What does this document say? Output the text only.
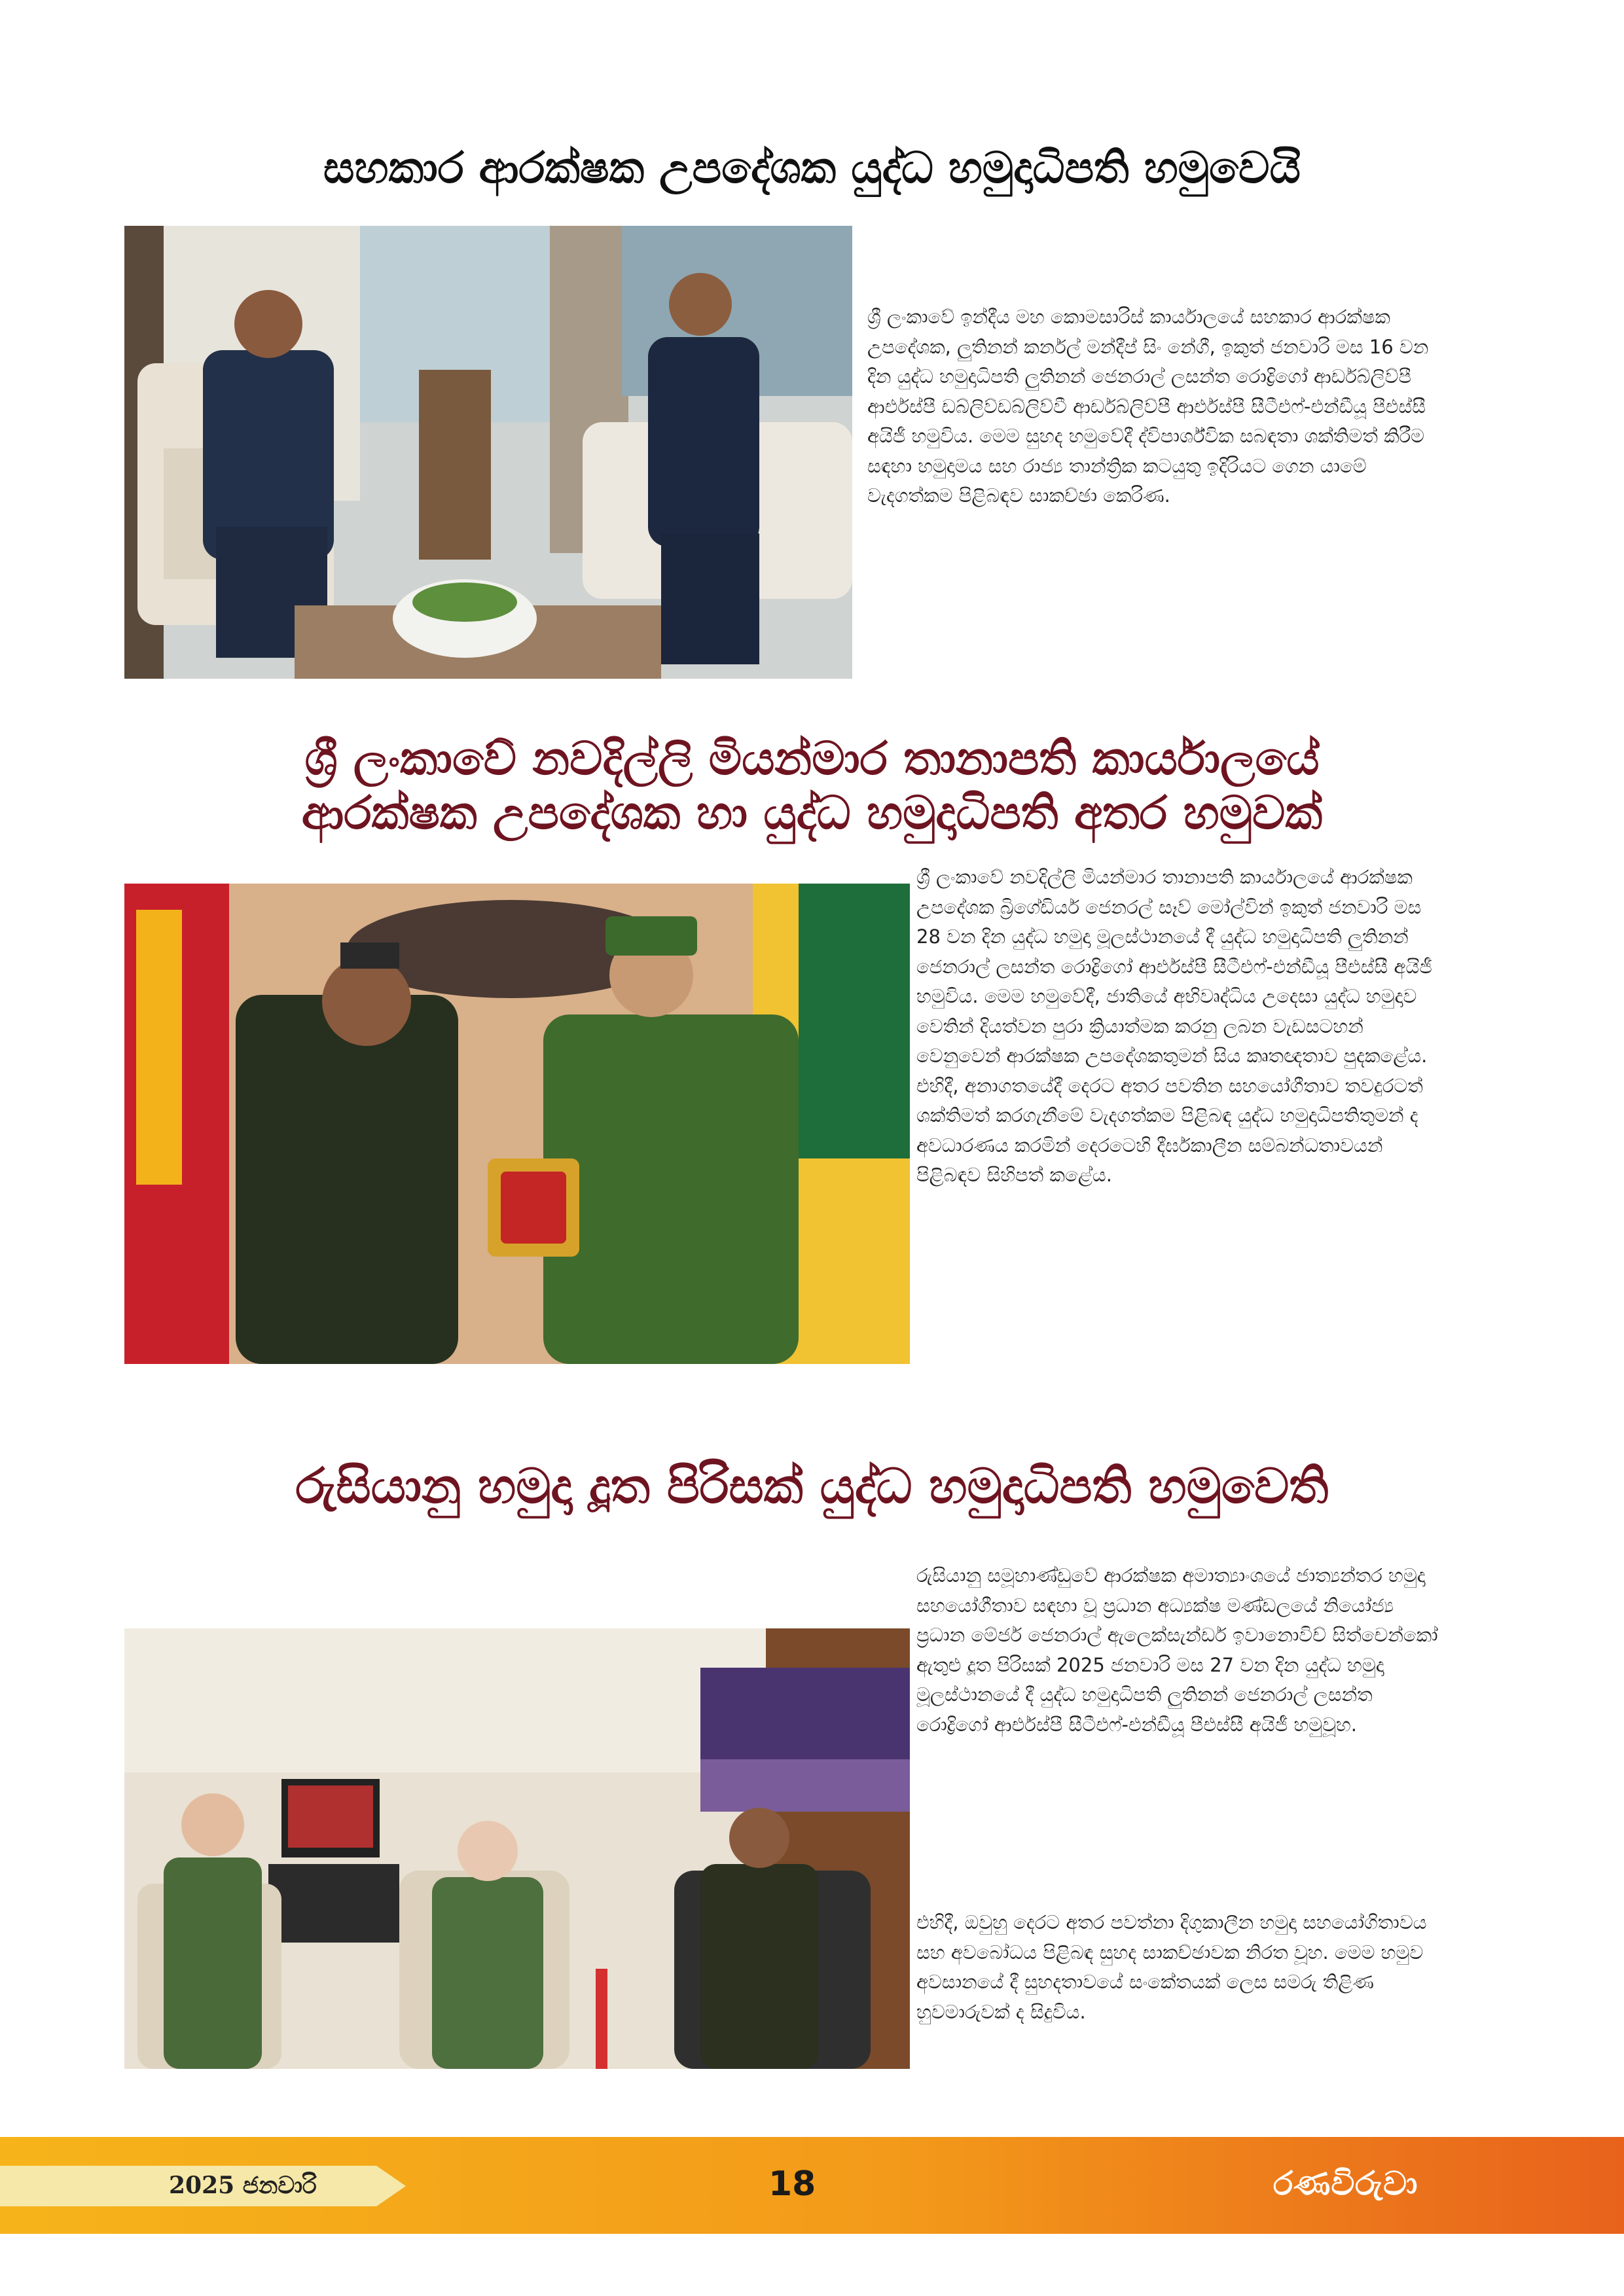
සහකාර ආරක්ෂක උපදේශක යුද්ධ හමුදාධිපති හමුවෙයි

ශ්‍රී ලංකාවේ ඉන්දීය මහ කොමසාරිස් කාර්යාලයේ සහකාර ආරක්ෂක උපදේශක, ලුතිනන් කර්නල් මන්දීප් සිං නේගී, ඉකුත් ජනවාරි මස 16 වන දින යුද්ධ හමුදාධිපති ලුතිනන් ජෙනරාල් ලසන්ත රොද්‍රිගෝ ආර්ඩබ්ලිව්පී ආර්එස්පී ඩබ්ලිව්ඩබ්ලිව්වී ආර්ඩබ්ලිව්පී ආර්එස්පී සීටීඑෆ්-එන්ඩීයූ පීඑස්සී අයිජී හමුවිය. මෙම සුහද හමුවේදී ද්විපාර්ශ්වික සබඳතා ශක්තිමත් කිරීම සඳහා හමුදාමය සහ රාජ්‍ය තාන්ත්‍රික කටයුතු ඉදිරියට ගෙන යාමේ වැදගත්කම පිළිබඳව සාකච්ඡා කෙරිණ.

ශ්‍රී ලංකාවේ නවදිල්ලි මියන්මාර තානාපති කාර්යාලයේ
ආරක්ෂක උපදේශක හා යුද්ධ හමුදාධිපති අතර හමුවක්

ශ්‍රී ලංකාවේ නවදිල්ලි මියන්මාර තානාපති කාර්යාලයේ ආරක්ෂක උපදේශක බ්‍රිගේඩියර් ජෙනරල් සෑව් මෝල්වින් ඉකුත් ජනවාරි මස 28 වන දින යුද්ධ හමුදා මූලස්ථානයේ දී යුද්ධ හමුදාධිපති ලුතිනන් ජෙනරාල් ලසන්ත රොද්‍රිගෝ ආර්එස්පී සීටීඑෆ්-එන්ඩීයූ පීඑස්සී අයිජී හමුවිය. මෙම හමුවේදී, ජාතියේ අභිවෘද්ධිය උදෙසා යුද්ධ හමුදාව වෙතින් දියත්වන පුරා ක්‍රියාත්මක කරනු ලබන වැඩසටහන් වෙනුවෙන් ආරක්ෂක උපදේශකතුමන් සිය කෘතඥතාව පුදකළේය. එහිදී, අනාගතයේදී දෙරට අතර පවතින සහයෝගීතාව තවදුරටත් ශක්තිමත් කරගැනීමේ වැදගත්කම පිළිබඳ යුද්ධ හමුදාධිපතිතුමන් ද අවධාරණය කරමින් දෙරටෙහි දීර්ඝකාලීන සම්බන්ධතාවයන් පිළිබඳව සිහිපත් කළේය.

රුසියානු හමුදා දූත පිරිසක් යුද්ධ හමුදාධිපති හමුවෙති

රුසියානු සමූහාණ්ඩුවේ ආරක්ෂක අමාත්‍යාංශයේ ජාත්‍යන්තර හමුදා සහයෝගීතාව සඳහා වූ ප්‍රධාන අධ්‍යක්ෂ මණ්ඩලයේ නියෝජ්‍ය ප්‍රධාන මේජර් ජෙනරාල් ඇලෙක්සැන්ඩර් ඉවානොවිච් සිත්චෙන්කෝ ඇතුළු දූත පිරිසක් 2025 ජනවාරි මස 27 වන දින යුද්ධ හමුදා මූලස්ථානයේ දී යුද්ධ හමුදාධිපති ලුතිනන් ජෙනරාල් ලසන්ත රොද්‍රිගෝ ආර්එස්පී සීටීඑෆ්-එන්ඩීයූ පීඑස්සී අයිජී හමුවූහ.

එහිදී, ඔවුහු දෙරට අතර පවත්නා දිගුකාලීන හමුදා සහයෝගිතාවය සහ අවබෝධය පිළිබඳ සුහද සාකච්ඡාවක නිරත වූහ. මෙම හමුව අවසානයේ දී සුහදතාවයේ සංකේතයක් ලෙස සමරු තිළිණ හුවමාරුවක් ද සිදුවිය.

2025 ජනවාරි	18	රණවිරුවා
